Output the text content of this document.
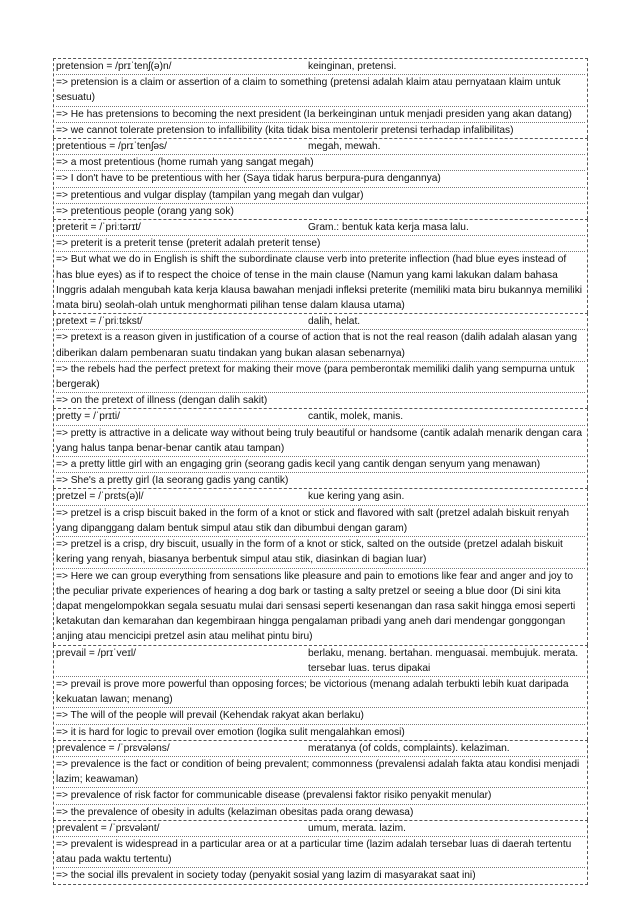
pretension = /prɪˈtenʃ(ə)n/	keinginan, pretensi.
=> pretension is a claim or assertion of a claim to something (pretensi adalah klaim atau pernyataan klaim untuk sesuatu)
=> He has pretensions to becoming the next president (Ia berkeinginan untuk menjadi presiden yang akan datang)
=> we cannot tolerate pretension to infallibility (kita tidak bisa mentolerir pretensi terhadap infalibilitas)
pretentious = /prɪˈtenʃəs/	megah, mewah.
=> a most pretentious (home rumah yang sangat megah)
=> I don't have to be pretentious with her (Saya tidak harus berpura-pura dengannya)
=> pretentious and vulgar display (tampilan yang megah dan vulgar)
=> pretentious people (orang yang sok)
preterit = /ˈpriːtərɪt/	Gram.: bentuk kata kerja masa lalu.
=> preterit is a preterit tense (preterit adalah preterit tense)
=> But what we do in English is shift the subordinate clause verb into preterite inflection (had blue eyes instead of has blue eyes) as if to respect the choice of tense in the main clause (Namun yang kami lakukan dalam bahasa Inggris adalah mengubah kata kerja klausa bawahan menjadi infleksi preterite (memiliki mata biru bukannya memiliki mata biru) seolah-olah untuk menghormati pilihan tense dalam klausa utama)
pretext = /ˈpriːtɛkst/	dalih, helat.
=> pretext is a reason given in justification of a course of action that is not the real reason (dalih adalah alasan yang diberikan dalam pembenaran suatu tindakan yang bukan alasan sebenarnya)
=> the rebels had the perfect pretext for making their move (para pemberontak memiliki dalih yang sempurna untuk bergerak)
=> on the pretext of illness (dengan dalih sakit)
pretty = /ˈprɪti/	cantik, molek, manis.
=> pretty is attractive in a delicate way without being truly beautiful or handsome (cantik adalah menarik dengan cara yang halus tanpa benar-benar cantik atau tampan)
=> a pretty little girl with an engaging grin (seorang gadis kecil yang cantik dengan senyum yang menawan)
=> She's a pretty girl (Ia seorang gadis yang cantik)
pretzel = /ˈprɛts(ə)l/	kue kering yang asin.
=> pretzel is a crisp biscuit baked in the form of a knot or stick and flavored with salt (pretzel adalah biskuit renyah yang dipanggang dalam bentuk simpul atau stik dan dibumbui dengan garam)
=> pretzel is a crisp, dry biscuit, usually in the form of a knot or stick, salted on the outside (pretzel adalah biskuit kering yang renyah, biasanya berbentuk simpul atau stik, diasinkan di bagian luar)
=> Here we can group everything from sensations like pleasure and pain to emotions like fear and anger and joy to the peculiar private experiences of hearing a dog bark or tasting a salty pretzel or seeing a blue door (Di sini kita dapat mengelompokkan segala sesuatu mulai dari sensasi seperti kesenangan dan rasa sakit hingga emosi seperti ketakutan dan kemarahan dan kegembiraan hingga pengalaman pribadi yang aneh dari mendengar gonggongan anjing atau mencicipi pretzel asin atau melihat pintu biru)
prevail = /prɪˈveɪl/	berlaku, menang. bertahan. menguasai. membujuk. merata. tersebar luas. terus dipakai
=> prevail is prove more powerful than opposing forces; be victorious (menang adalah terbukti lebih kuat daripada kekuatan lawan; menang)
=> The will of the people will prevail (Kehendak rakyat akan berlaku)
=> it is hard for logic to prevail over emotion (logika sulit mengalahkan emosi)
prevalence = /ˈprɛvələns/	meratanya (of colds, complaints). kelaziman.
=> prevalence is the fact or condition of being prevalent; commonness (prevalensi adalah fakta atau kondisi menjadi lazim; keawaman)
=> prevalence of risk factor for communicable disease (prevalensi faktor risiko penyakit menular)
=> the prevalence of obesity in adults (kelaziman obesitas pada orang dewasa)
prevalent = /ˈprɛvələnt/	umum, merata. lazim.
=> prevalent is widespread in a particular area or at a particular time (lazim adalah tersebar luas di daerah tertentu atau pada waktu tertentu)
=> the social ills prevalent in society today (penyakit sosial yang lazim di masyarakat saat ini)
